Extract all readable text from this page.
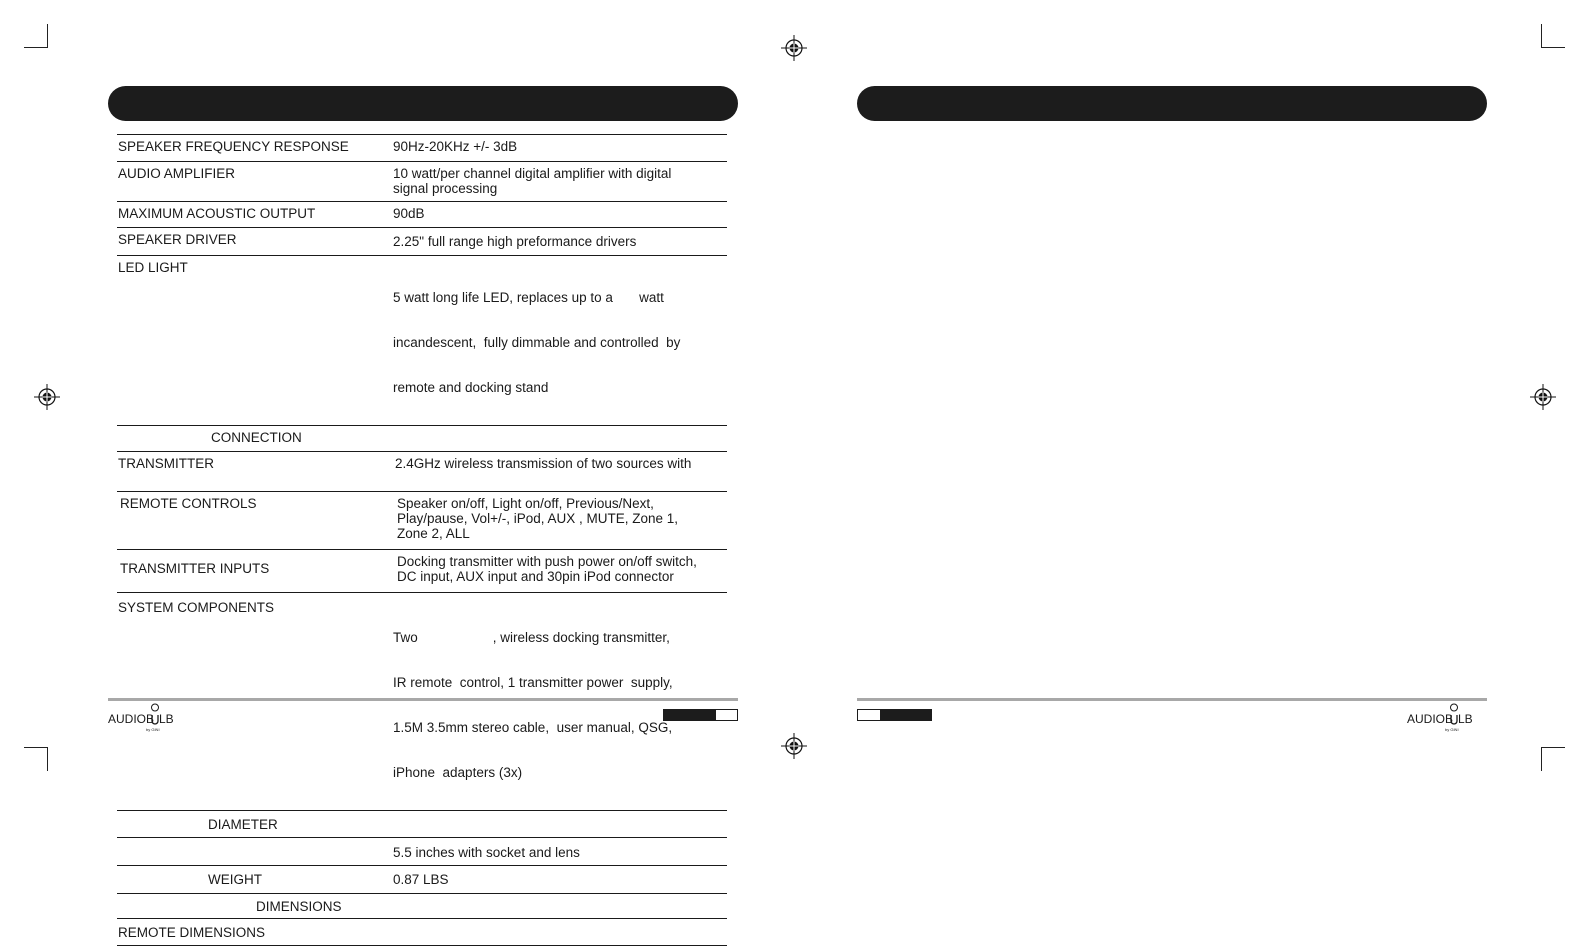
SPEAKER FREQUENCY RESPONSE	90Hz-20KHz +/- 3dB

AUDIO AMPLIFIER	10 watt/per channel digital amplifier with digital
signal processing

MAXIMUM ACOUSTIC OUTPUT	90dB

SPEAKER DRIVER	2.25" full range high preformance drivers

LED LIGHT	5 watt long life LED, replaces up to a       watt

incandescent,  fully dimmable and controlled  by

remote and docking stand

CONNECTION	

TRANSMITTER	2.4GHz wireless transmission of two sources with

REMOTE CONTROLS	Speaker on/off, Light on/off, Previous/Next,
Play/pause, Vol+/-, iPod, AUX , MUTE, Zone 1,
Zone 2, ALL

TRANSMITTER INPUTS	Docking transmitter with push power on/off switch,
DC input, AUX input and 30pin iPod connector

SYSTEM COMPONENTS	Two                    , wireless docking transmitter,

IR remote  control, 1 transmitter power  supply,

1.5M 3.5mm stereo cable,  user manual, QSG,

iPhone  adapters (3x)

DIAMETER	

	5.5 inches with socket and lens

WEIGHT	0.87 LBS

DIMENSIONS	

REMOTE DIMENSIONS	

AUDIOB LB
by GINI
AUDIOB LB
by GINI
